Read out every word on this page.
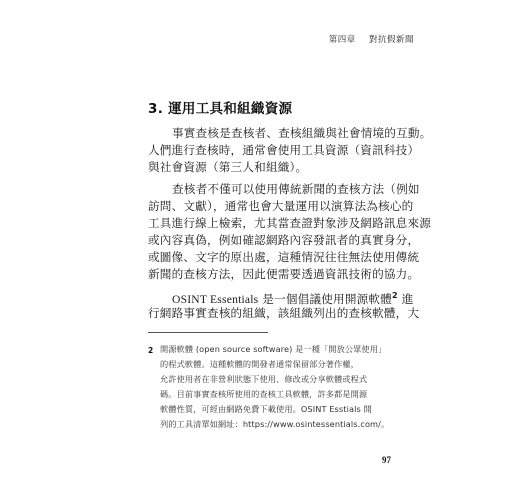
第四章 對抗假新聞
3. 運用工具和組織資源
事實查核是查核者、查核組織與社會情境的互動。
人們進行查核時，通常會使用工具資源（資訊科技）
與社會資源（第三人和組織）。
查核者不僅可以使用傳統新聞的查核方法（例如
訪問、文獻），通常也會大量運用以演算法為核心的
工具進行線上檢索，尤其當查證對象涉及網路訊息來源
或內容真偽，例如確認網路內容發訊者的真實身分，
或圖像、文字的原出處，這種情況往往無法使用傳統
新聞的查核方法，因此便需要透過資訊技術的協力。
OSINT Essentials 是一個倡議使用開源軟體$^2$ 進
行網路事實查核的組織，該組織列出的查核軟體，大
2 開源軟體 (open source software) 是一種「開放公眾使用」
的程式軟體。這種軟體的開發者通常保留部分著作權，
允許使用者在非營利狀態下使用、修改或分享軟體或程式
碼。目前事實查核所使用的查核工具軟體，許多都是開源
軟體性質，可經由網路免費下載使用。OSINT Esstials 開
列的工具清單如網址：https://www.osintessentials.com/。
97
